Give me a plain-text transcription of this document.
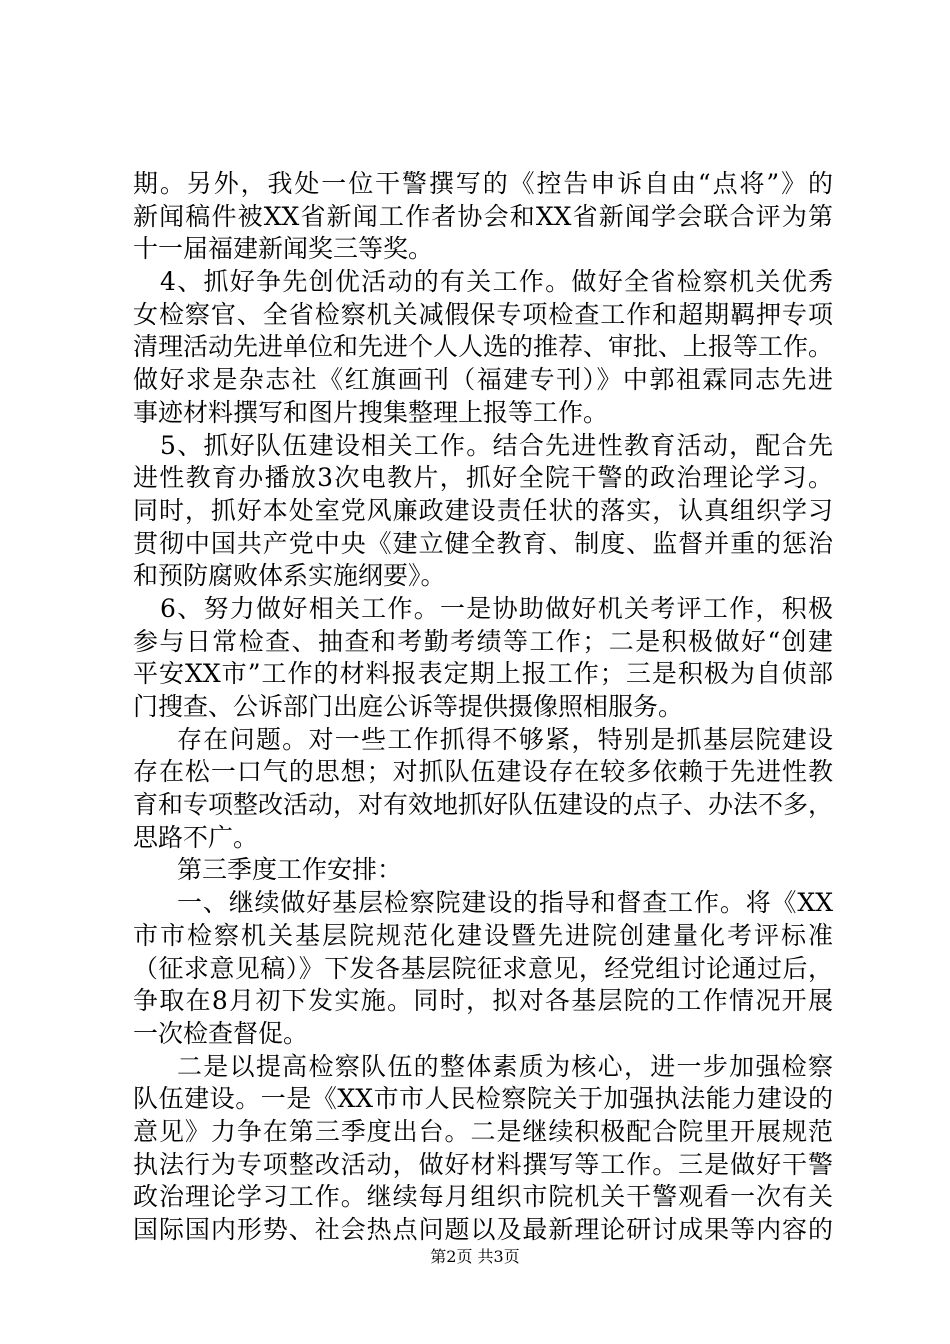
期。另外，我处一位干警撰写的《控告申诉自由“点将”》的
新闻稿件被XX省新闻工作者协会和XX省新闻学会联合评为第
十一届福建新闻奖三等奖。
4、抓好争先创优活动的有关工作。做好全省检察机关优秀
女检察官、全省检察机关减假保专项检查工作和超期羁押专项
清理活动先进单位和先进个人人选的推荐、审批、上报等工作。
做好求是杂志社《红旗画刊（福建专刊）》中郭祖霖同志先进
事迹材料撰写和图片搜集整理上报等工作。
5、抓好队伍建设相关工作。结合先进性教育活动，配合先
进性教育办播放3次电教片，抓好全院干警的政治理论学习。
同时，抓好本处室党风廉政建设责任状的落实，认真组织学习
贯彻中国共产党中央《建立健全教育、制度、监督并重的惩治
和预防腐败体系实施纲要》。
6、努力做好相关工作。一是协助做好机关考评工作，积极
参与日常检查、抽查和考勤考绩等工作；二是积极做好“创建
平安XX市”工作的材料报表定期上报工作；三是积极为自侦部
门搜查、公诉部门出庭公诉等提供摄像照相服务。
存在问题。对一些工作抓得不够紧，特别是抓基层院建设
存在松一口气的思想；对抓队伍建设存在较多依赖于先进性教
育和专项整改活动，对有效地抓好队伍建设的点子、办法不多，
思路不广。
第三季度工作安排：
一、继续做好基层检察院建设的指导和督查工作。将《XX
市市检察机关基层院规范化建设暨先进院创建量化考评标准
（征求意见稿）》下发各基层院征求意见，经党组讨论通过后，
争取在8月初下发实施。同时，拟对各基层院的工作情况开展
一次检查督促。
二是以提高检察队伍的整体素质为核心，进一步加强检察
队伍建设。一是《XX市市人民检察院关于加强执法能力建设的
意见》力争在第三季度出台。二是继续积极配合院里开展规范
执法行为专项整改活动，做好材料撰写等工作。三是做好干警
政治理论学习工作。继续每月组织市院机关干警观看一次有关
国际国内形势、社会热点问题以及最新理论研讨成果等内容的
第2页 共3页
